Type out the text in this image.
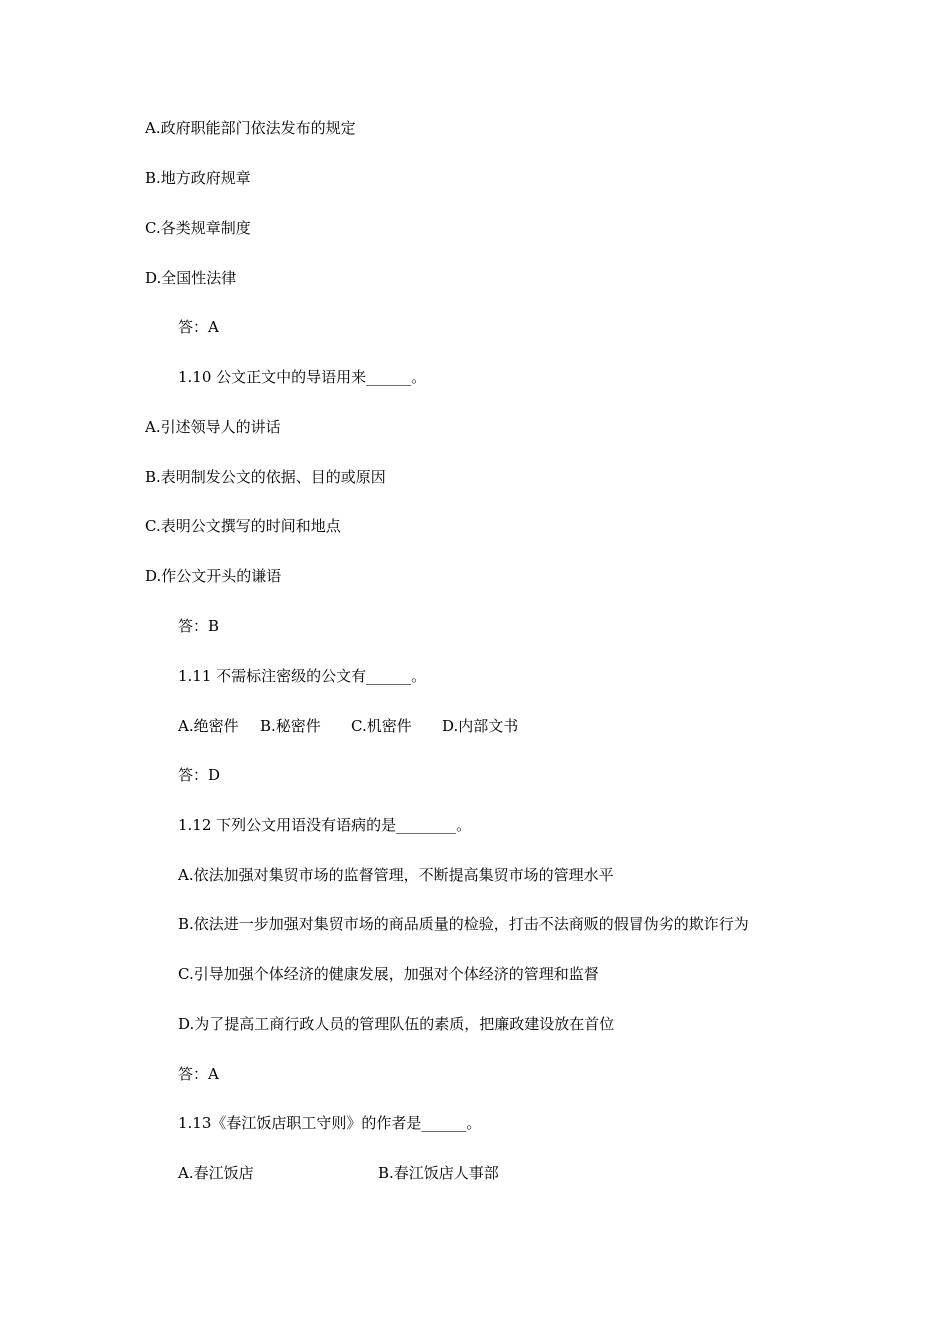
A.政府职能部门依法发布的规定
B.地方政府规章
C.各类规章制度
D.全国性法律
答：A
1.10 公文正文中的导语用来______。
A.引述领导人的讲话
B.表明制发公文的依据、目的或原因
C.表明公文撰写的时间和地点
D.作公文开头的谦语
答：B
1.11 不需标注密级的公文有______。
A.绝密件 B.秘密件 C.机密件 D.内部文书
答：D
1.12 下列公文用语没有语病的是________。
A.依法加强对集贸市场的监督管理，不断提高集贸市场的管理水平
B.依法进一步加强对集贸市场的商品质量的检验，打击不法商贩的假冒伪劣的欺诈行为
C.引导加强个体经济的健康发展，加强对个体经济的管理和监督
D.为了提高工商行政人员的管理队伍的素质，把廉政建设放在首位
答：A
1.13《春江饭店职工守则》的作者是______。
A.春江饭店	B.春江饭店人事部
